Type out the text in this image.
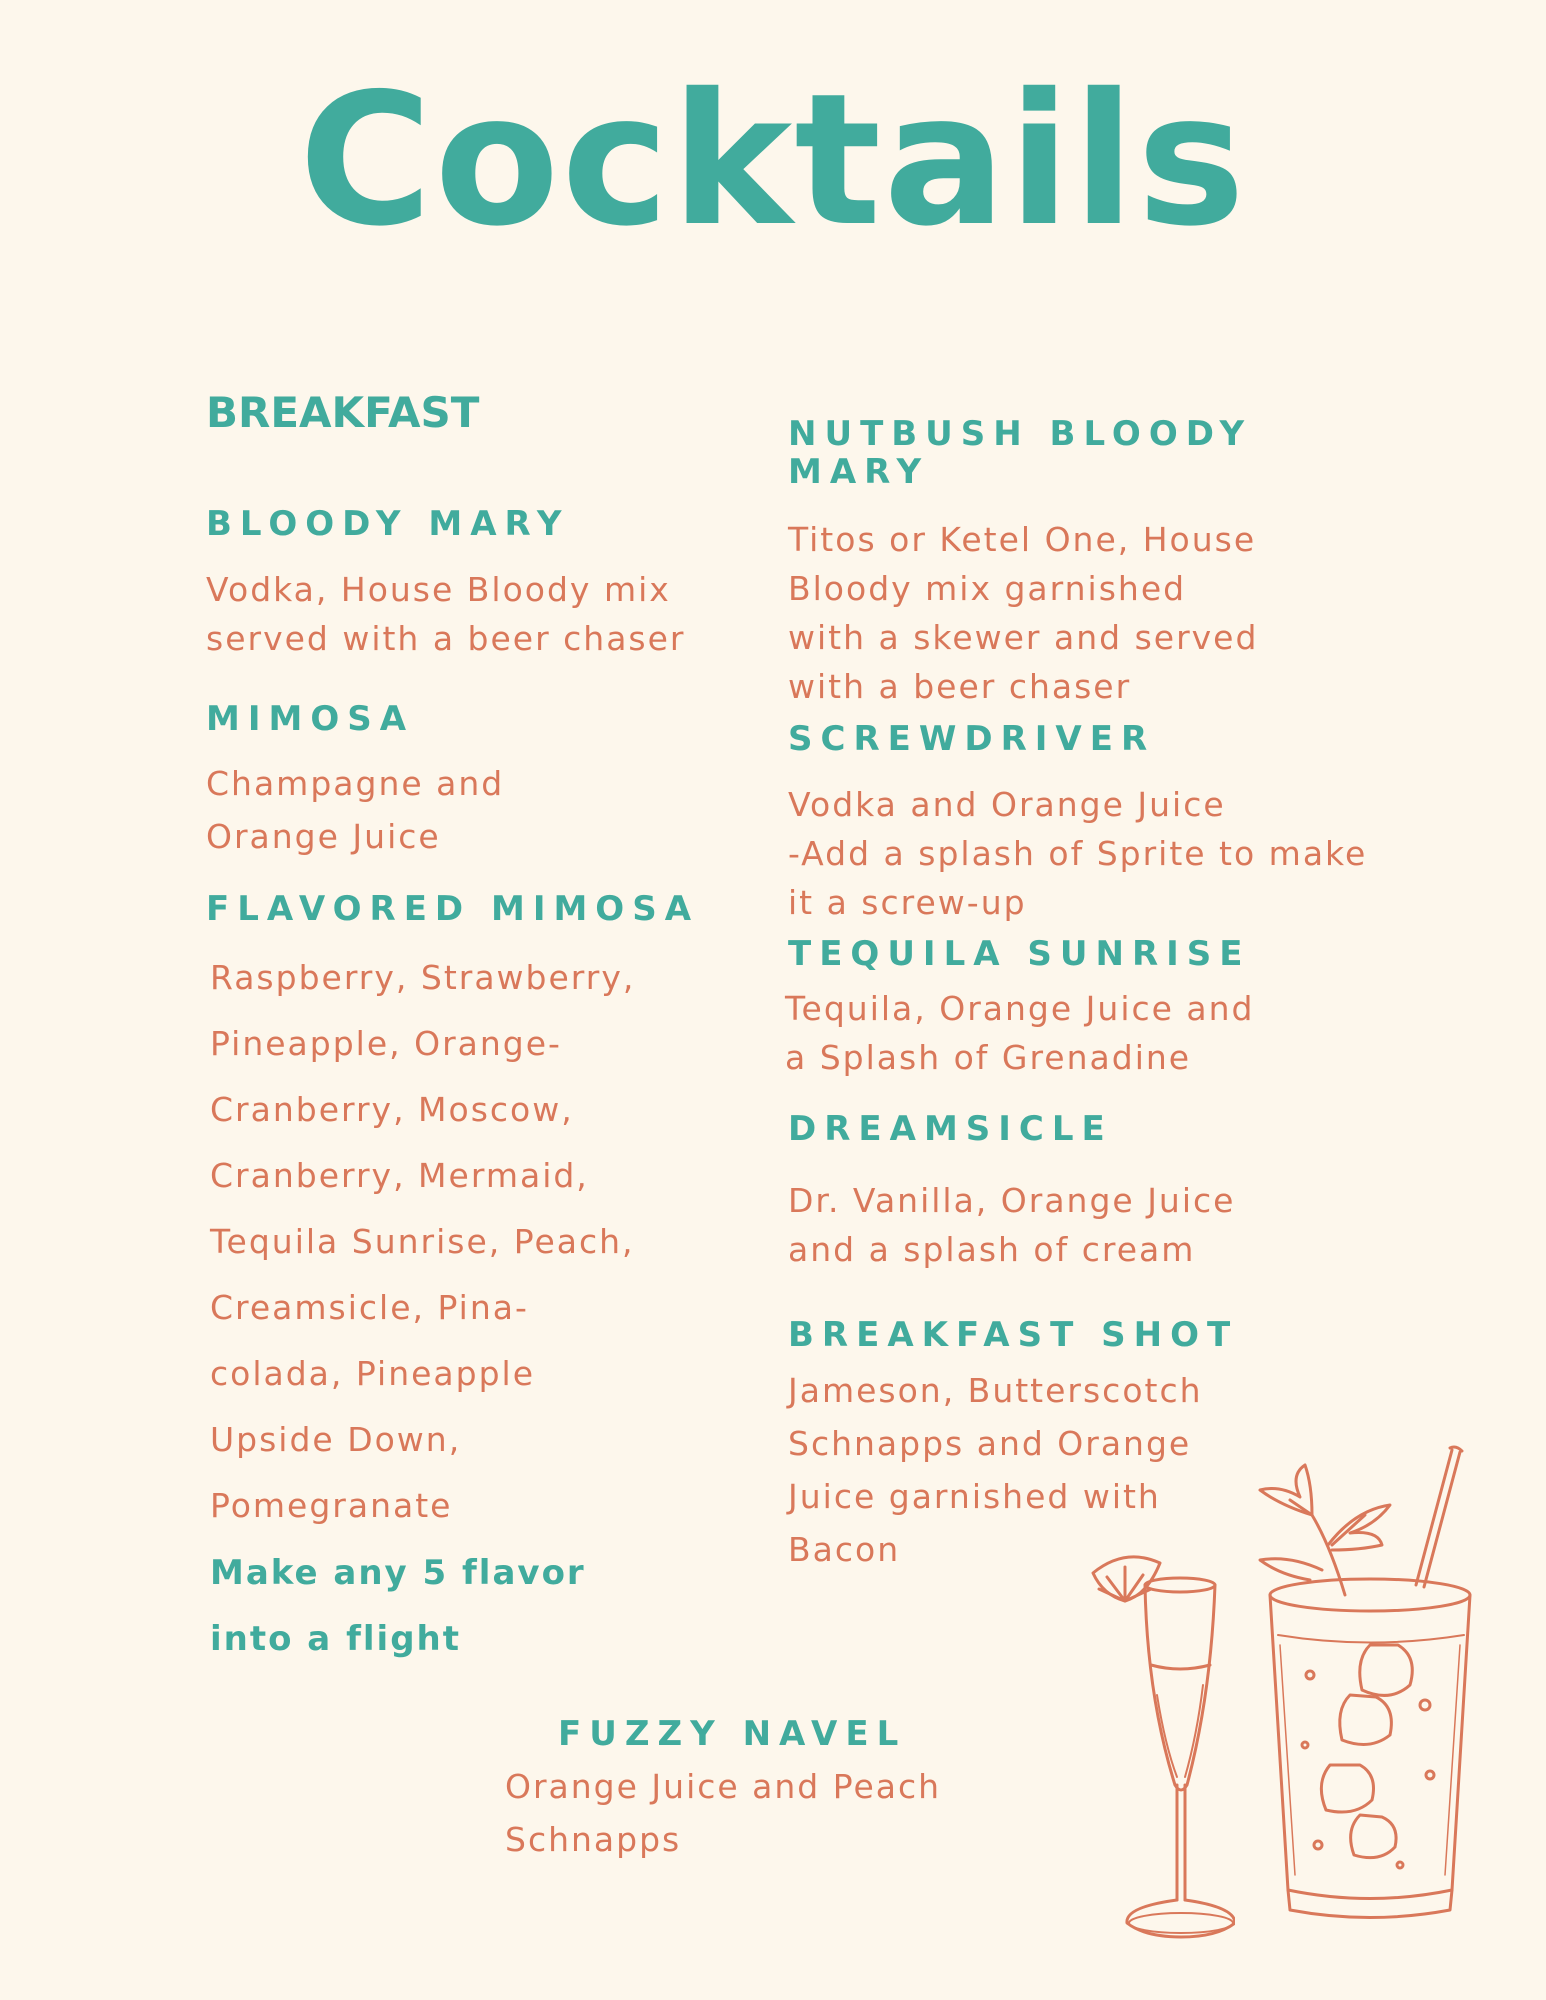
Cocktails
BREAKFAST
BLOODY MARY
Vodka, House Bloody mix
served with a beer chaser
MIMOSA
Champagne and
Orange Juice
FLAVORED MIMOSA
Raspberry, Strawberry,
Pineapple, Orange-
Cranberry, Moscow,
Cranberry, Mermaid,
Tequila Sunrise, Peach,
Creamsicle, Pina-
colada, Pineapple
Upside Down,
Pomegranate
Make any 5 flavor
into a flight
NUTBUSH BLOODY
MARY
Titos or Ketel One, House
Bloody mix garnished
with a skewer and served
with a beer chaser
SCREWDRIVER
Vodka and Orange Juice
-Add a splash of Sprite to make
it a screw-up
TEQUILA SUNRISE
Tequila, Orange Juice and
a Splash of Grenadine
DREAMSICLE
Dr. Vanilla, Orange Juice
and a splash of cream
BREAKFAST SHOT
Jameson, Butterscotch
Schnapps and Orange
Juice garnished with
Bacon
FUZZY NAVEL
Orange Juice and Peach
Schnapps
